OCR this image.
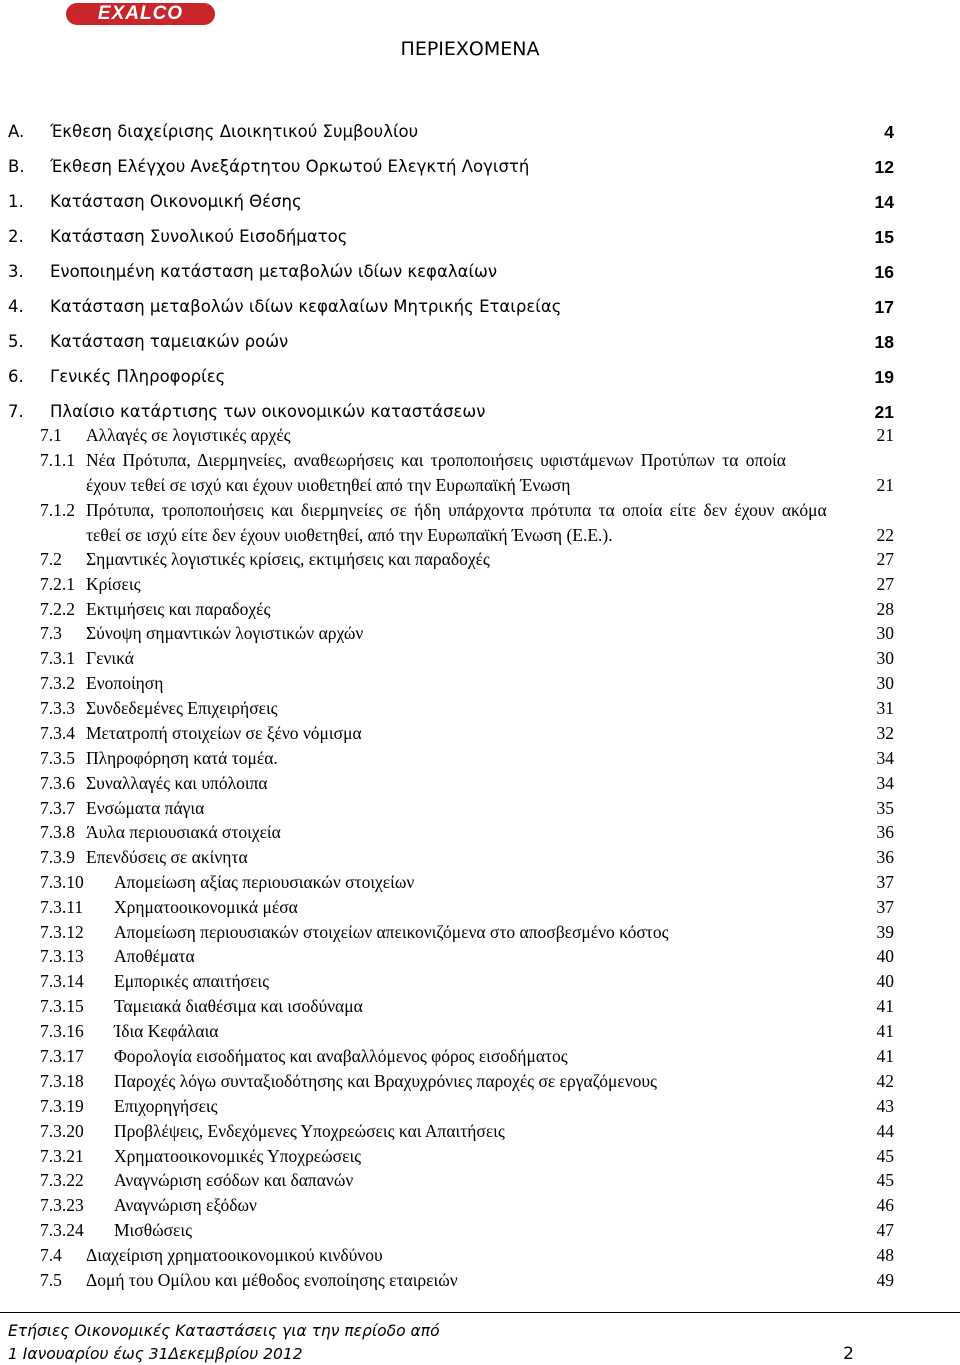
EXALCO
ΠΕΡΙΕΧΟΜΕΝΑ
A. Έκθεση διαχείρισης Διοικητικού Συμβουλίου	4
B. Έκθεση Ελέγχου Ανεξάρτητου Ορκωτού Ελεγκτή Λογιστή	12
1. Κατάσταση Οικονομική Θέσης	14
2. Κατάσταση Συνολικού Εισοδήματος	15
3. Ενοποιημένη κατάσταση μεταβολών ιδίων κεφαλαίων	16
4. Κατάσταση μεταβολών ιδίων κεφαλαίων Μητρικής Εταιρείας	17
5. Κατάσταση ταμειακών ροών	18
6. Γενικές Πληροφορίες	19
7. Πλαίσιο κατάρτισης των οικονομικών καταστάσεων	21
7.1 Αλλαγές σε λογιστικές αρχές	21
7.1.1 Νέα Πρότυπα, Διερμηνείες, αναθεωρήσεις και τροποποιήσεις υφιστάμενων Προτύπων τα οποία
έχουν τεθεί σε ισχύ και έχουν υιοθετηθεί από την Ευρωπαϊκή Ένωση	21
7.1.2 Πρότυπα, τροποποιήσεις και διερμηνείες σε ήδη υπάρχοντα πρότυπα τα οποία είτε δεν έχουν ακόμα
τεθεί σε ισχύ είτε δεν έχουν υιοθετηθεί, από την Ευρωπαϊκή Ένωση (Ε.Ε.).	22
7.2 Σημαντικές λογιστικές κρίσεις, εκτιμήσεις και παραδοχές	27
7.2.1 Κρίσεις	27
7.2.2 Εκτιμήσεις και παραδοχές	28
7.3 Σύνοψη σημαντικών λογιστικών αρχών	30
7.3.1 Γενικά	30
7.3.2 Ενοποίηση	30
7.3.3 Συνδεδεμένες Επιχειρήσεις	31
7.3.4 Μετατροπή στοιχείων σε ξένο νόμισμα	32
7.3.5 Πληροφόρηση κατά τομέα.	34
7.3.6 Συναλλαγές και υπόλοιπα	34
7.3.7 Ενσώματα πάγια	35
7.3.8 Άυλα περιουσιακά στοιχεία	36
7.3.9 Επενδύσεις σε ακίνητα	36
7.3.10 Απομείωση αξίας περιουσιακών στοιχείων	37
7.3.11 Χρηματοοικονομικά μέσα	37
7.3.12 Απομείωση περιουσιακών στοιχείων απεικονιζόμενα στο αποσβεσμένο κόστος	39
7.3.13 Αποθέματα	40
7.3.14 Εμπορικές απαιτήσεις	40
7.3.15 Ταμειακά διαθέσιμα και ισοδύναμα	41
7.3.16 Ίδια Κεφάλαια	41
7.3.17 Φορολογία εισοδήματος και αναβαλλόμενος φόρος εισοδήματος	41
7.3.18 Παροχές λόγω συνταξιοδότησης και Βραχυχρόνιες παροχές σε εργαζόμενους	42
7.3.19 Επιχορηγήσεις	43
7.3.20 Προβλέψεις, Ενδεχόμενες Υποχρεώσεις και Απαιτήσεις	44
7.3.21 Χρηματοοικονομικές Υποχρεώσεις	45
7.3.22 Αναγνώριση εσόδων και δαπανών	45
7.3.23 Αναγνώριση εξόδων	46
7.3.24 Μισθώσεις	47
7.4 Διαχείριση χρηματοοικονομικού κινδύνου	48
7.5 Δομή του Ομίλου και μέθοδος ενοποίησης εταιρειών	49
Ετήσιες Οικονομικές Καταστάσεις για την περίοδο από
1 Ιανουαρίου έως 31Δεκεμβρίου 2012	2
